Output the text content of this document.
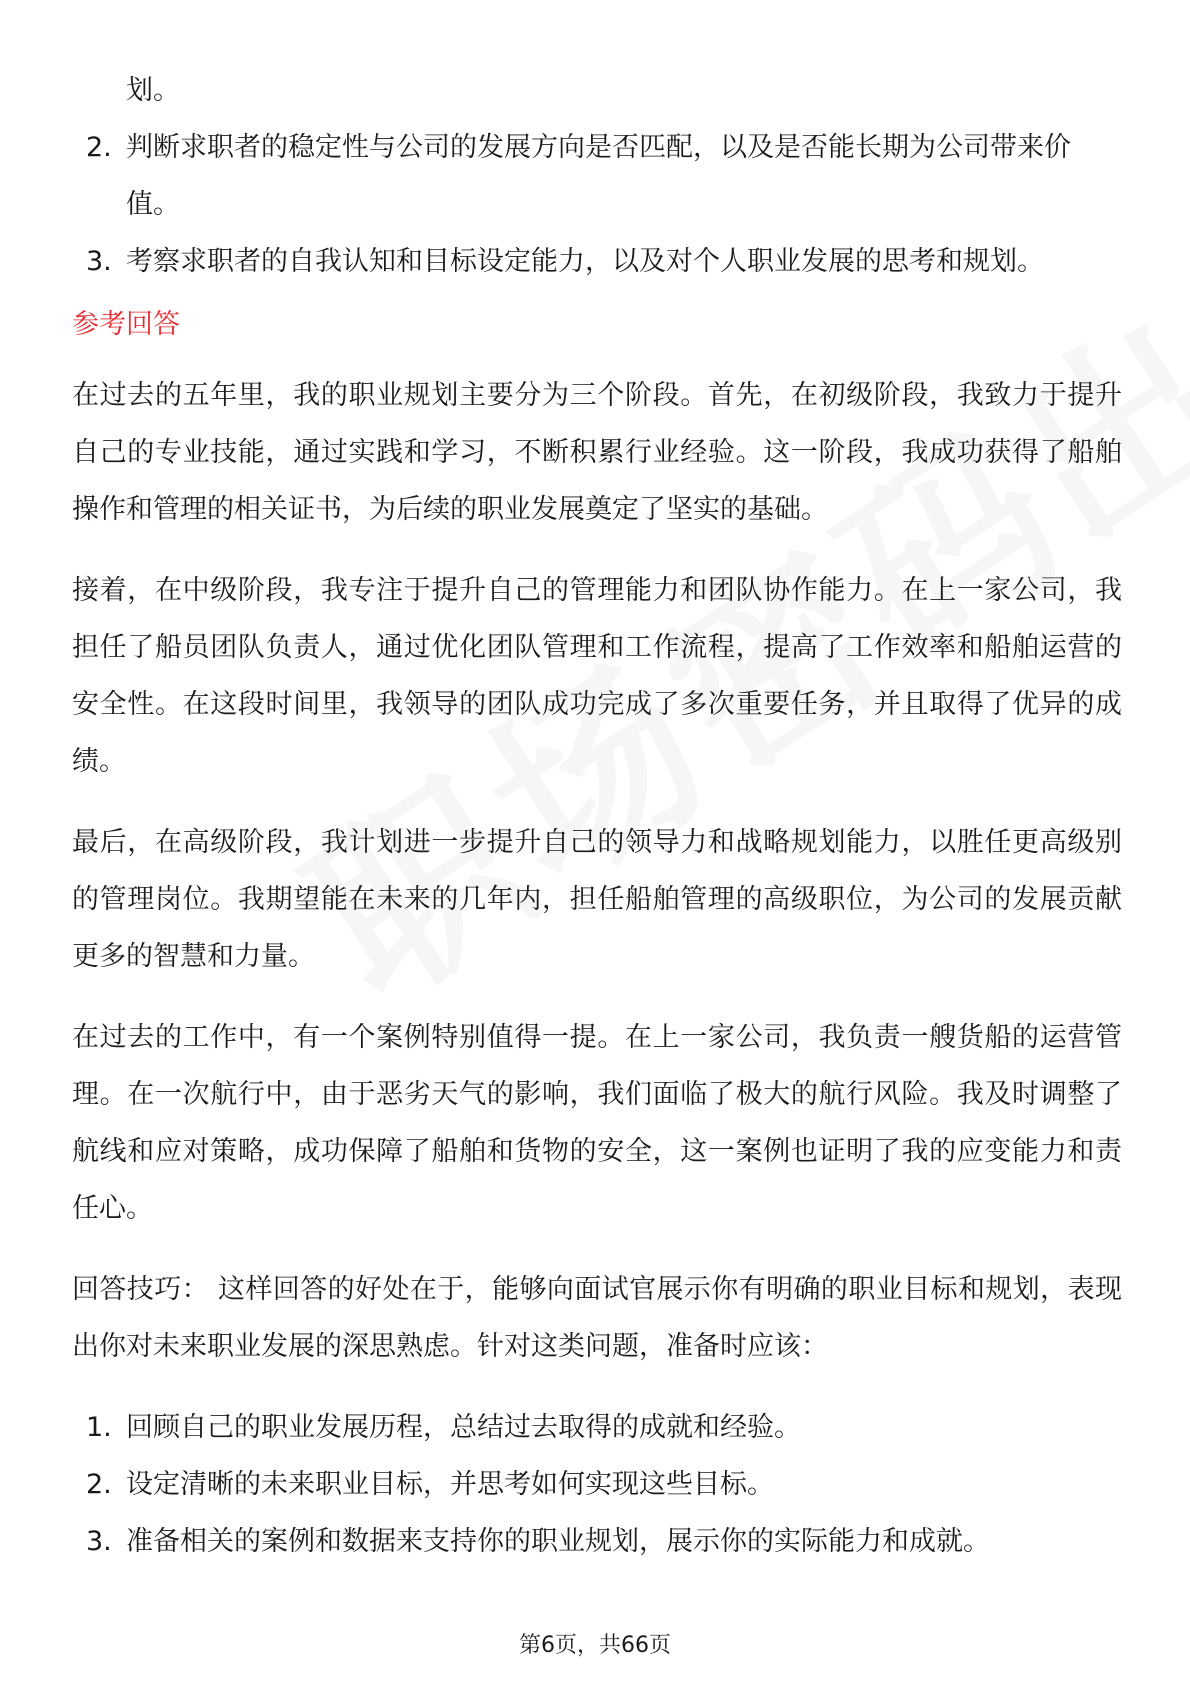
划。
2. 判断求职者的稳定性与公司的发展方向是否匹配，以及是否能长期为公司带来价值。
3. 考察求职者的自我认知和目标设定能力，以及对个人职业发展的思考和规划。
参考回答
在过去的五年里，我的职业规划主要分为三个阶段。首先，在初级阶段，我致力于提升自己的专业技能，通过实践和学习，不断积累行业经验。这一阶段，我成功获得了船舶操作和管理的相关证书，为后续的职业发展奠定了坚实的基础。
接着，在中级阶段，我专注于提升自己的管理能力和团队协作能力。在上一家公司，我担任了船员团队负责人，通过优化团队管理和工作流程，提高了工作效率和船舶运营的安全性。在这段时间里，我领导的团队成功完成了多次重要任务，并且取得了优异的成绩。
最后，在高级阶段，我计划进一步提升自己的领导力和战略规划能力，以胜任更高级别的管理岗位。我期望能在未来的几年内，担任船舶管理的高级职位，为公司的发展贡献更多的智慧和力量。
在过去的工作中，有一个案例特别值得一提。在上一家公司，我负责一艘货船的运营管理。在一次航行中，由于恶劣天气的影响，我们面临了极大的航行风险。我及时调整了航线和应对策略，成功保障了船舶和货物的安全，这一案例也证明了我的应变能力和责任心。
回答技巧： 这样回答的好处在于，能够向面试官展示你有明确的职业目标和规划，表现出你对未来职业发展的深思熟虑。针对这类问题，准备时应该：
1. 回顾自己的职业发展历程，总结过去取得的成就和经验。
2. 设定清晰的未来职业目标，并思考如何实现这些目标。
3. 准备相关的案例和数据来支持你的职业规划，展示你的实际能力和成就。
第6页，共66页
